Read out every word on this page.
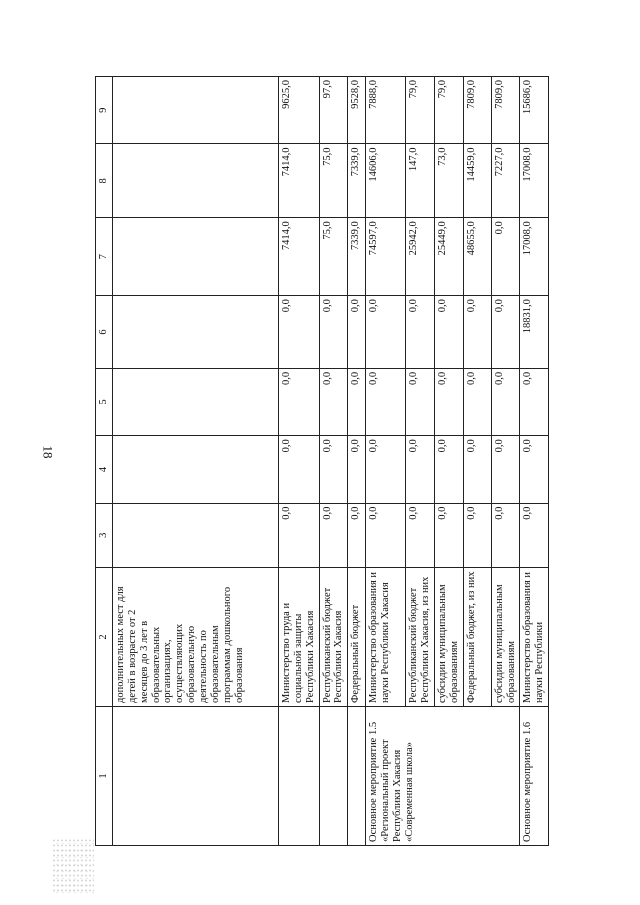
18
1	2	3	4	5	6	7	8	9
	дополнительных мест для детей в возрасте от 2 месяцев до 3 лет в образовательных организациях, осуществляющих образовательную деятельность по образовательным программам дошкольного образования							
	Министерство труда и социальной защиты Республики Хакасия	0,0	0,0	0,0	0,0	7414,0	7414,0	9625,0
	Республиканский бюджет Республики Хакасия	0,0	0,0	0,0	0,0	75,0	75,0	97,0
	Федеральный бюджет	0,0	0,0	0,0	0,0	7339,0	7339,0	9528,0
Основное мероприятие 1.5 «Региональный проект Республики Хакасия «Современная школа»	Министерство образования и науки Республики Хакасия	0,0	0,0	0,0	0,0	74597,0	14606,0	7888,0
	Республиканский бюджет Республики Хакасия, из них	0,0	0,0	0,0	0,0	25942,0	147,0	79,0
	субсидии муниципальным образованиям	0,0	0,0	0,0	0,0	25449,0	73,0	79,0
	Федеральный бюджет, из них	0,0	0,0	0,0	0,0	48655,0	14459,0	7809,0
	субсидии муниципальным образованиям	0,0	0,0	0,0	0,0	0,0	7227,0	7809,0
Основное мероприятие 1.6	Министерство образования и науки Республики	0,0	0,0	0,0	18831,0	17008,0	17008,0	15686,0
